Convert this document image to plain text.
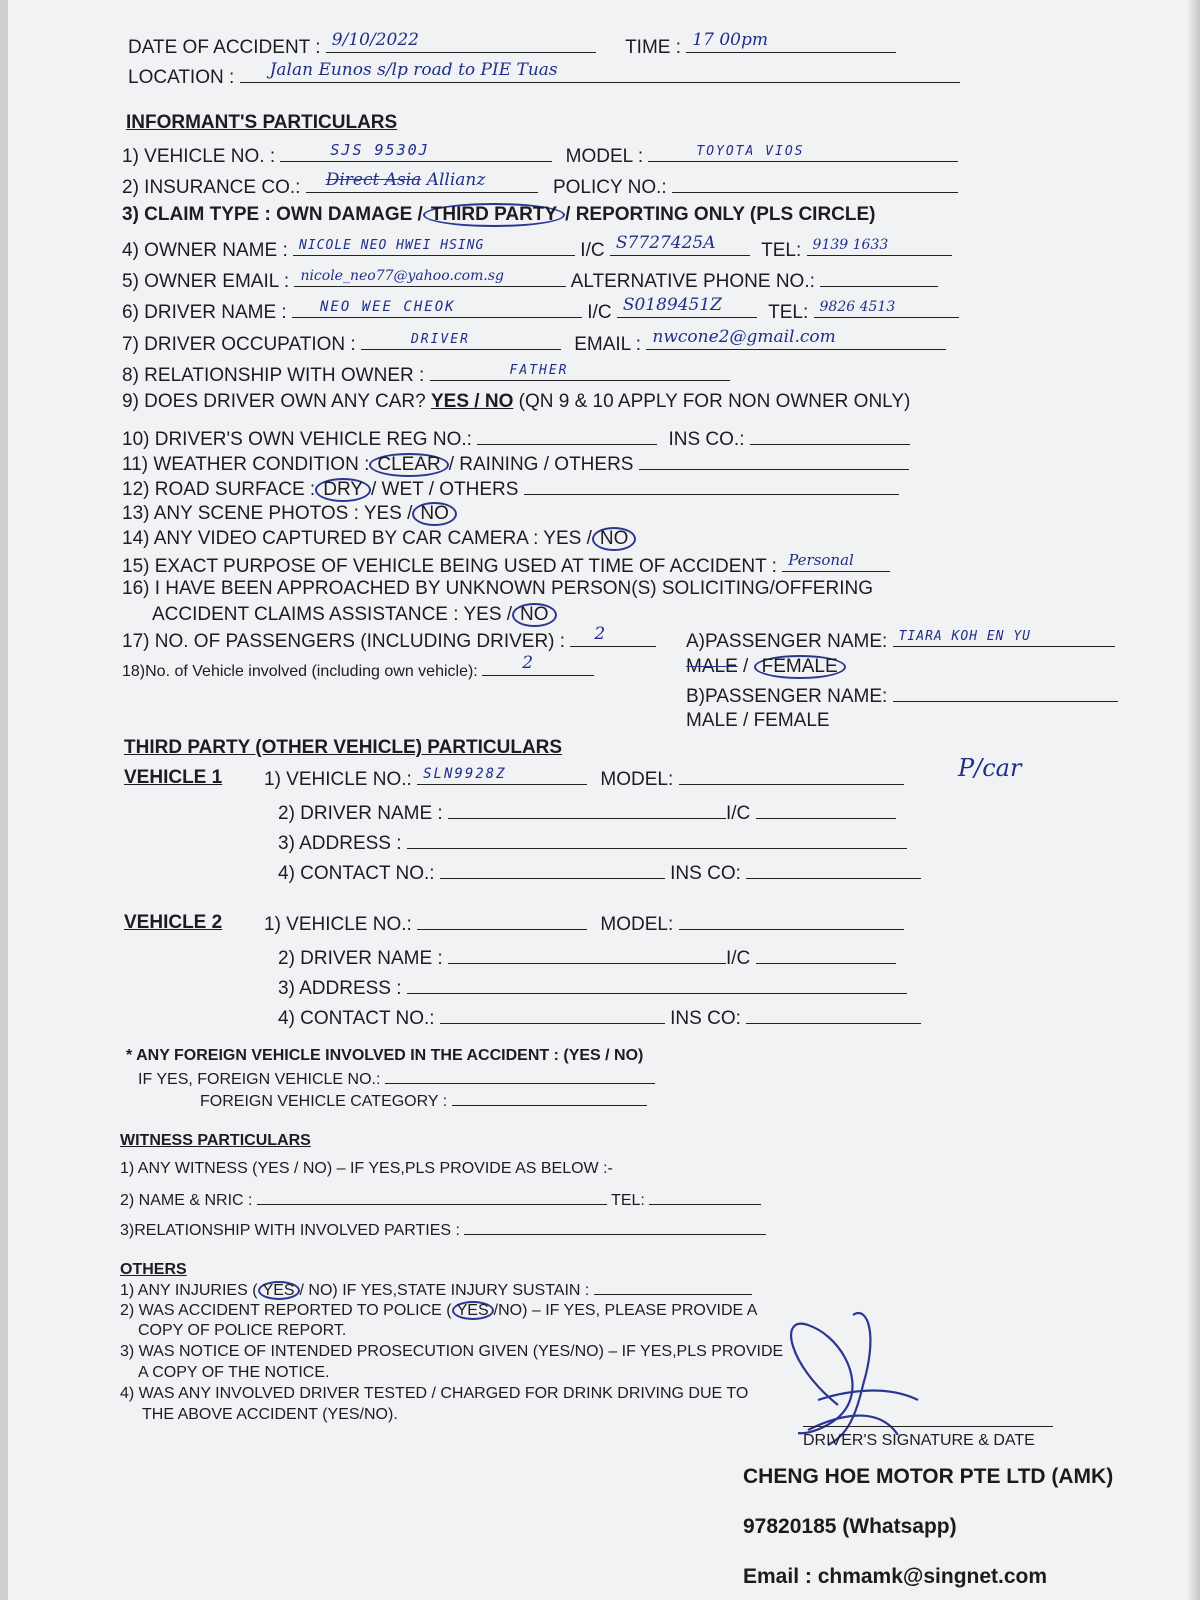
DATE OF ACCIDENT : 9/10/2022	TIME : 17 00pm
LOCATION : Jalan Eunos s/lp road to PIE Tuas
INFORMANT'S PARTICULARS
1) VEHICLE NO. :	SJS 9530J	MODEL :	TOYOTA VIOS
2) INSURANCE CO.: Direct Asia Allianz	POLICY NO.:
3) CLAIM TYPE : OWN DAMAGE / THIRD PARTY / REPORTING ONLY (PLS CIRCLE)
4) OWNER NAME : NICOLE NEO HWEI HSING	I/C S7727425A TEL: 9139 1633
5) OWNER EMAIL : nicole_neo77@yahoo.com.sg	ALTERNATIVE PHONE NO.:
6) DRIVER NAME : NEO WEE CHEOK	I/C S0189451Z TEL: 9826 4513
7) DRIVER OCCUPATION :	DRIVER	EMAIL : nwcone2@gmail.com
8) RELATIONSHIP WITH OWNER :	FATHER
9) DOES DRIVER OWN ANY CAR? YES / NO (QN 9 & 10 APPLY FOR NON OWNER ONLY)
10) DRIVER'S OWN VEHICLE REG NO.:	INS CO.:
11) WEATHER CONDITION : CLEAR / RAINING / OTHERS
12) ROAD SURFACE : DRY / WET / OTHERS
13) ANY SCENE PHOTOS : YES / NO
14) ANY VIDEO CAPTURED BY CAR CAMERA : YES / NO
15) EXACT PURPOSE OF VEHICLE BEING USED AT TIME OF ACCIDENT : Personal
16) I HAVE BEEN APPROACHED BY UNKNOWN PERSON(S) SOLICITING/OFFERING
ACCIDENT CLAIMS ASSISTANCE : YES / NO
17) NO. OF PASSENGERS (INCLUDING DRIVER) : 2
18)No. of Vehicle involved (including own vehicle):	2
A)PASSENGER NAME: TIARA KOH EN YU
MALE / FEMALE
B)PASSENGER NAME:
MALE / FEMALE
THIRD PARTY (OTHER VEHICLE) PARTICULARS
VEHICLE 1 1) VEHICLE NO.: SLN9928Z	MODEL:	P/car
2) DRIVER NAME :	I/C
3) ADDRESS :
4) CONTACT NO.:	INS CO:
VEHICLE 2 1) VEHICLE NO.:	MODEL:
2) DRIVER NAME :	I/C
3) ADDRESS :
4) CONTACT NO.:	INS CO:
* ANY FOREIGN VEHICLE INVOLVED IN THE ACCIDENT : (YES / NO)
IF YES, FOREIGN VEHICLE NO.:
FOREIGN VEHICLE CATEGORY :
WITNESS PARTICULARS
1) ANY WITNESS (YES / NO) – IF YES,PLS PROVIDE AS BELOW :-
2) NAME & NRIC :	TEL:
3)RELATIONSHIP WITH INVOLVED PARTIES :
OTHERS
1) ANY INJURIES ( YES / NO) IF YES,STATE INJURY SUSTAIN :
2) WAS ACCIDENT REPORTED TO POLICE ( YES /NO) – IF YES, PLEASE PROVIDE A
COPY OF POLICE REPORT.
3) WAS NOTICE OF INTENDED PROSECUTION GIVEN (YES/NO) – IF YES,PLS PROVIDE
A COPY OF THE NOTICE.
4) WAS ANY INVOLVED DRIVER TESTED / CHARGED FOR DRINK DRIVING DUE TO
THE ABOVE ACCIDENT (YES/NO).
DRIVER'S SIGNATURE & DATE
CHENG HOE MOTOR PTE LTD (AMK)
97820185 (Whatsapp)
Email : chmamk@singnet.com
